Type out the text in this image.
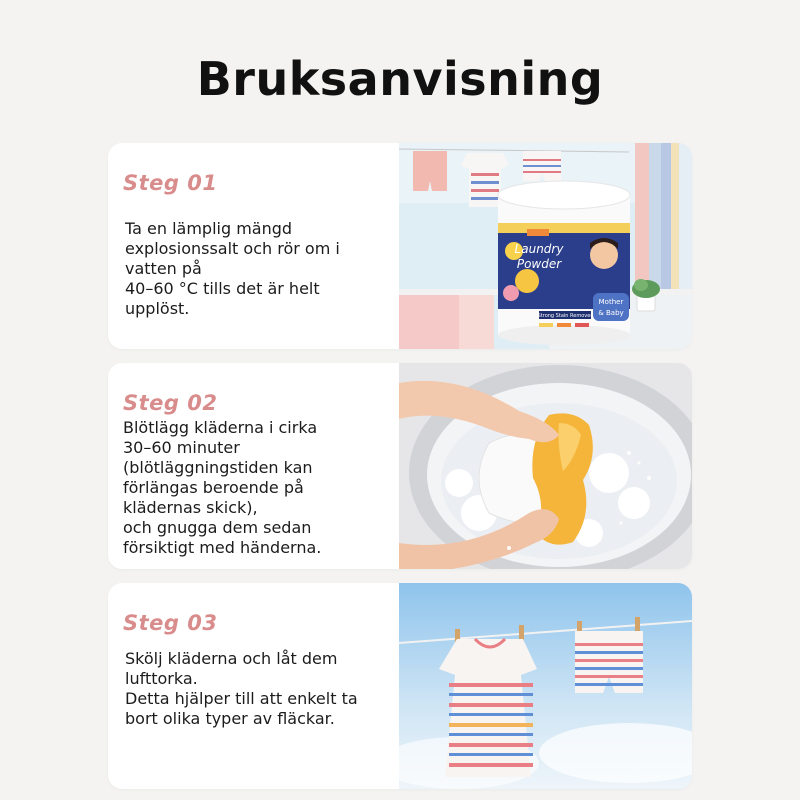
Bruksanvisning
Steg 01
Ta en lämplig mängd
explosionssalt och rör om i
vatten på
40–60 °C tills det är helt
upplöst.
Laundry
Powder
Mother
& Baby
Strong Stain Remover
Steg 02
Blötlägg kläderna i cirka
30–60 minuter
(blötläggningstiden kan
förlängas beroende på
klädernas skick),
och gnugga dem sedan
försiktigt med händerna.
Steg 03
Skölj kläderna och låt dem
lufttorka.
Detta hjälper till att enkelt ta
bort olika typer av fläckar.
